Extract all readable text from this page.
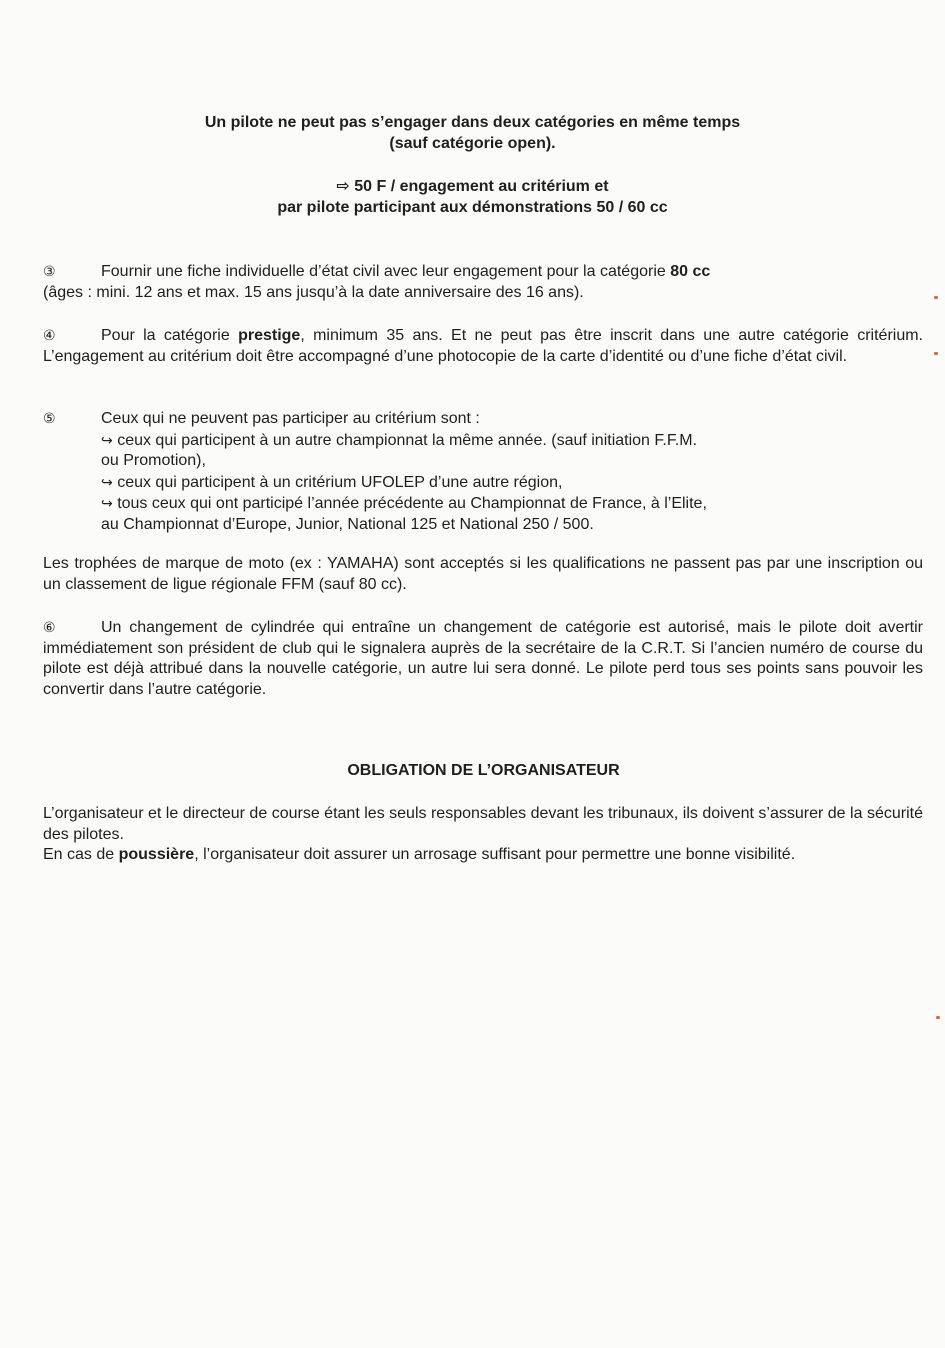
Un pilote ne peut pas s’engager dans deux catégories en même temps
(sauf catégorie open).
⇨ 50 F / engagement au critérium et
par pilote participant aux démonstrations 50 / 60 cc

③	Fournir une fiche individuelle d’état civil avec leur engagement pour la catégorie 80 cc

(âges : mini. 12 ans et max. 15 ans jusqu’à la date anniversaire des 16 ans).

④	Pour la catégorie prestige, minimum 35 ans. Et ne peut pas être inscrit dans une autre catégorie critérium. L’engagement au critérium doit être accompagné d’une photocopie de la carte d’identité ou d’une fiche d’état civil.

⑤	Ceux qui ne peuvent pas participer au critérium sont :

↪ ceux qui participent à un autre championnat la même année. (sauf initiation F.F.M.

ou Promotion),

↪ ceux qui participent à un critérium UFOLEP d’une autre région,

↪ tous ceux qui ont participé l’année précédente au Championnat de France, à l’Elite,

au Championnat d’Europe, Junior, National 125 et National 250 / 500.

Les trophées de marque de moto (ex : YAMAHA) sont acceptés si les qualifications ne passent pas par une inscription ou un classement de ligue régionale FFM (sauf 80 cc).

⑥	Un changement de cylindrée qui entraîne un changement de catégorie est autorisé, mais le pilote doit avertir immédiatement son président de club qui le signalera auprès de la secrétaire de la C.R.T. Si l’ancien numéro de course du pilote est déjà attribué dans la nouvelle catégorie, un autre lui sera donné. Le pilote perd tous ses points sans pouvoir les convertir dans l’autre catégorie.

OBLIGATION DE L’ORGANISATEUR

L’organisateur et le directeur de course étant les seuls responsables devant les tribunaux, ils doivent s’assurer de la sécurité des pilotes.

En cas de poussière, l’organisateur doit assurer un arrosage suffisant pour permettre une bonne visibilité.
